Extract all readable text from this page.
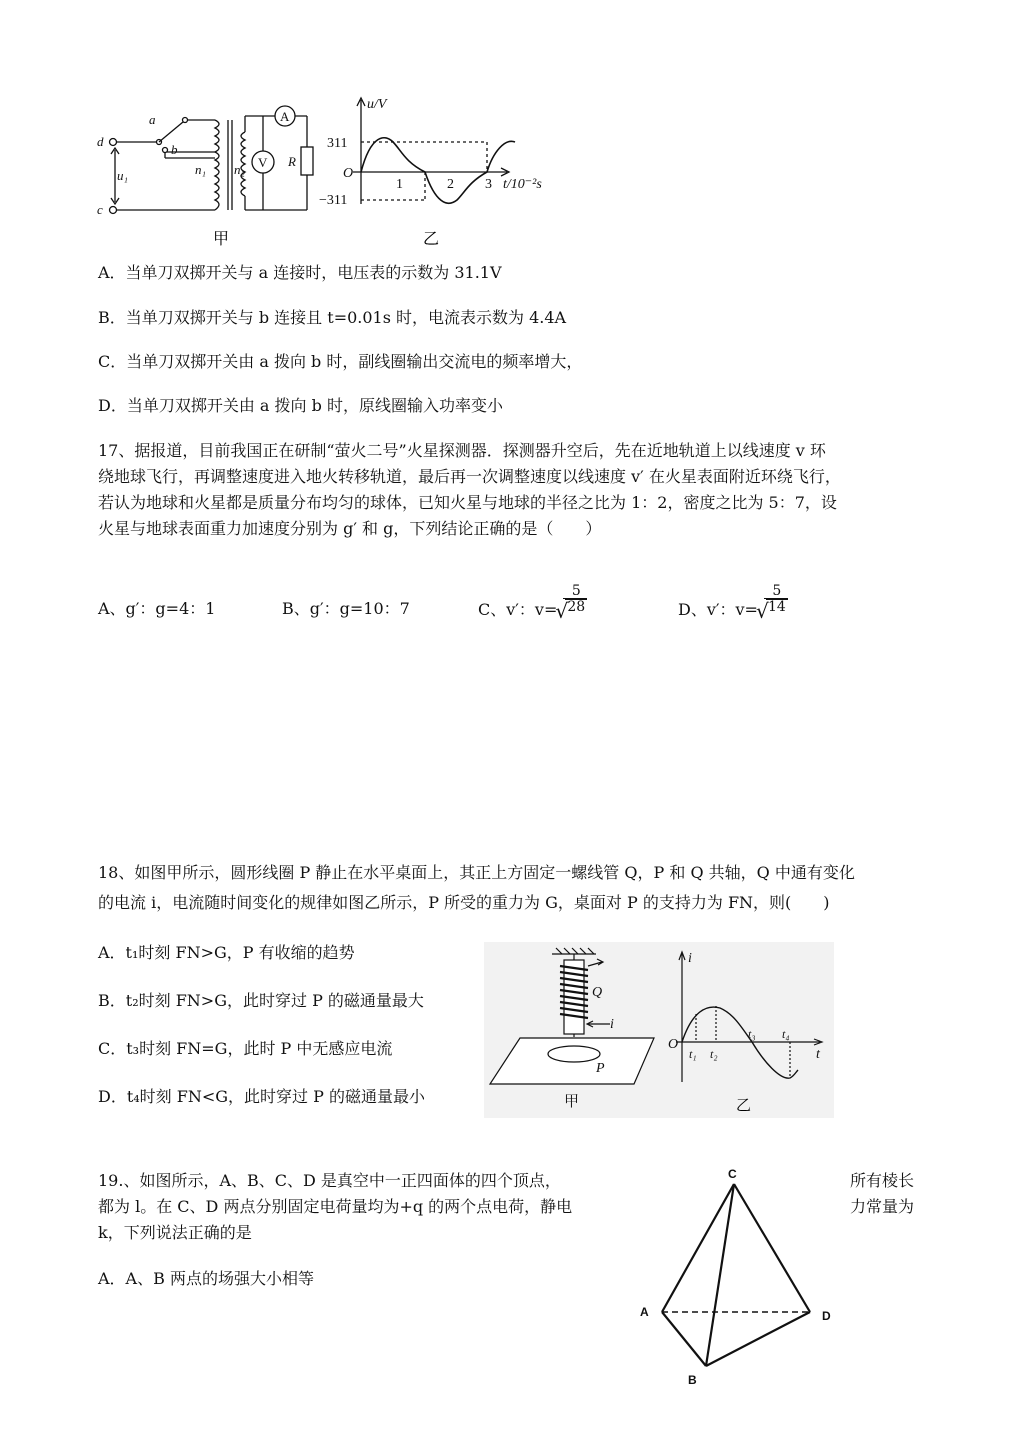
d
c
a
b
u₁	n₁ n₂
A
V R
甲
u/V
311
O
−311
1	2 3 t/10⁻²s
乙
A．当单刀双掷开关与 a 连接时，电压表的示数为 31.1V
B．当单刀双掷开关与 b 连接且 t=0.01s 时，电流表示数为 4.4A
C．当单刀双掷开关由 a 拨向 b 时，副线圈输出交流电的频率增大，
D．当单刀双掷开关由 a 拨向 b 时，原线圈输入功率变小
17、据报道，目前我国正在研制“萤火二号”火星探测器．探测器升空后，先在近地轨道上以线速度 v 环
绕地球飞行，再调整速度进入地火转移轨道，最后再一次调整速度以线速度 v′ 在火星表面附近环绕飞行，
若认为地球和火星都是质量分布均匀的球体，已知火星与地球的半径之比为 1：2，密度之比为 5：7，设
火星与地球表面重力加速度分别为 g′ 和 g，下列结论正确的是（　　）
A、g′：g=4：1	B、g′：g=10：7	C、v′：v=
√
$\frac{5}{28}$	D、v′：v=
√
$\frac{5}{14}$
18、如图甲所示，圆形线圈 P 静止在水平桌面上，其正上方固定一螺线管 Q，P 和 Q 共轴，Q 中通有变化
的电流 i，电流随时间变化的规律如图乙所示，P 所受的重力为 G，桌面对 P 的支持力为 FN，则(　　)
A．t₁时刻 FN>G，P 有收缩的趋势
B．t₂时刻 FN>G，此时穿过 P 的磁通量最大
C．t₃时刻 FN=G，此时 P 中无感应电流
D．t₄时刻 FN<G，此时穿过 P 的磁通量最小
Q
i
P
甲
i
t
O
t₁ t₂
t₃ t₄
乙
19.、如图所示，A、B、C、D 是真空中一正四面体的四个顶点，	所有棱长
都为 l。在 C、D 两点分别固定电荷量均为+q 的两个点电荷，静电	力常量为
k，下列说法正确的是
A．A、B 两点的场强大小相等
C
A	D
B
